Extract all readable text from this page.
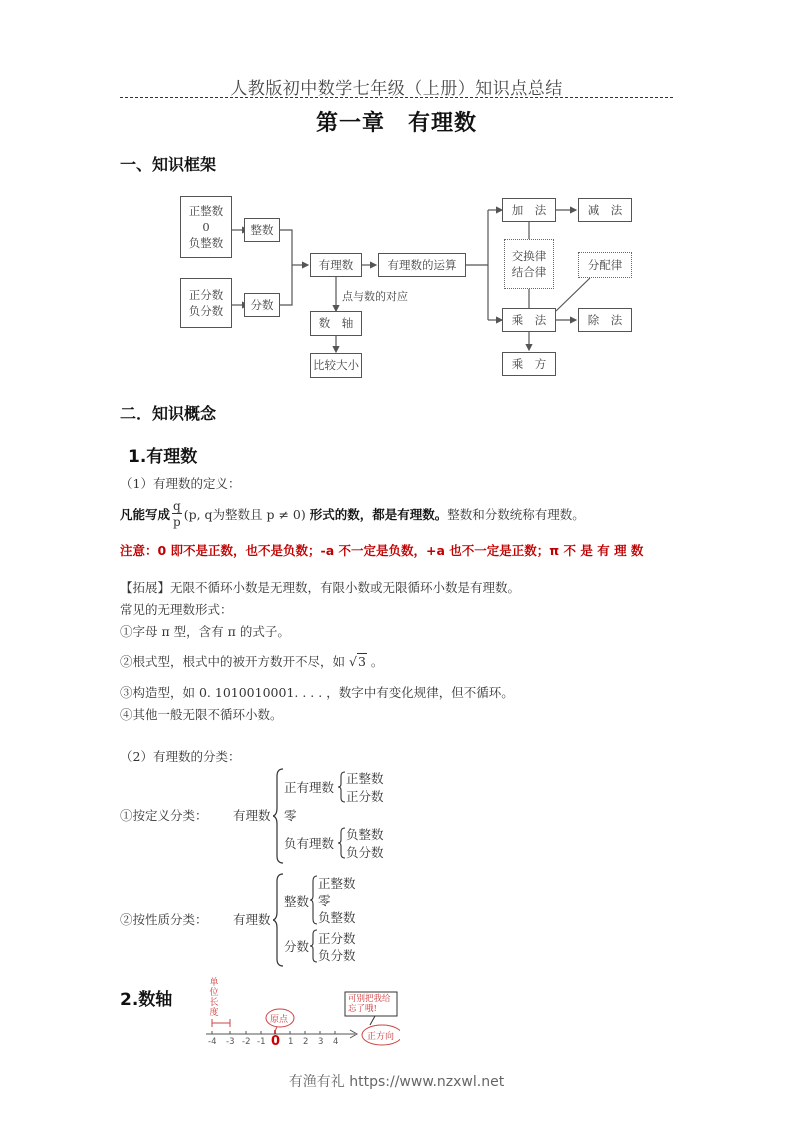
人教版初中数学七年级（上册）知识点总结
第一章　有理数
一、知识框架
正整数
0
负整数
正分数
负分数
整数
分数
有理数	有理数的运算
点与数的对应
数　轴
比较大小
加　法	减　法
交换律
结合律
分配律
乘　法	除　法
乘　方
二．知识概念
1.有理数
（1）有理数的定义：
凡能写成 $\frac{q}{p} (p$, q为整数且 p ≠ 0) 形式的数，都是有理数。 整数和分数统称有理数。
注意：0 即不是正数，也不是负数；-a 不一定是负数，+a 也不一定是正数；π 不 是 有 理 数
【拓展】无限不循环小数是无理数，有限小数或无限循环小数是有理数。
常见的无理数形式：
①字母 π 型，含有 π 的式子。
②根式型，根式中的被开方数开不尽，如 √3 。
③构造型，如 0. 1010010001. . . . ，数字中有变化规律，但不循环。
④其他一般无限不循环小数。
（2）有理数的分类：
①按定义分类： 有理数
正有理数
正整数
正分数
零
负有理数
负整数
负分数
②按性质分类： 有理数
整数
正整数
零
负整数
分数
正分数
负分数
2.数轴
单位长度
原点
正方向
可别把我给忘了哦!
-4 -3 -2 -1 0 1 2 3 4
有渔有礼 https://www.nzxwl.net
